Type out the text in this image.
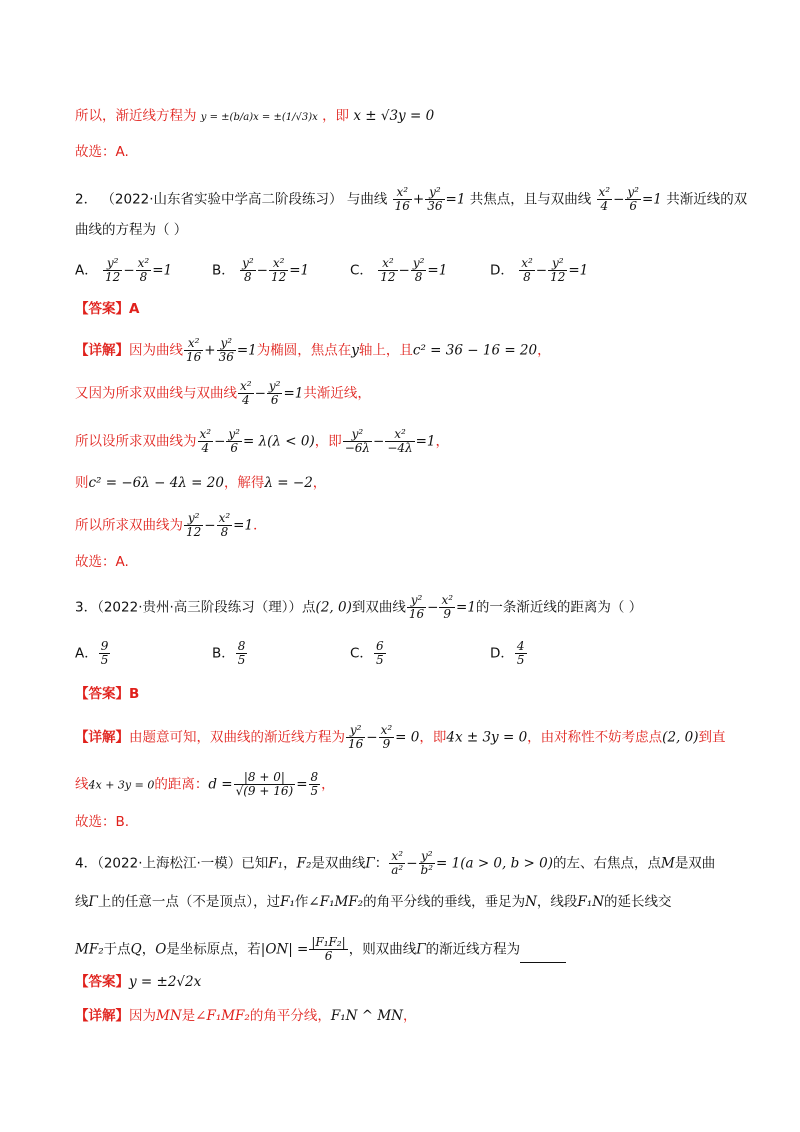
所以，渐近线方程为 y = ±(b/a)x = ±(1/√3)x ，即 x ± √3y = 0
故选：A.
2． （2022·山东省实验中学高二阶段练习） 与曲线 $\frac{\text{x²}}{16} + \frac{\text{y²}}{36} =1$ 共焦点，且与双曲线 $\frac{\text{x²}}{4} - \frac{\text{y²}}{6} =1$ 共渐近线的双
曲线的方程为（ ）
A． $\frac{\text{y²}}{12} - \frac{\text{x²}}{8} =1$	B． $\frac{\text{y²}}{8} - \frac{\text{x²}}{12} =1$	C． $\frac{\text{x²}}{12} - \frac{\text{y²}}{8} =1$	D． $\frac{\text{x²}}{8} - \frac{\text{y²}}{12} =1$
【答案】A
【详解】因为曲线 $\frac{\text{x²}}{16} + \frac{\text{y²}}{36} =1$为椭圆，焦点在y轴上，且c² = 36 − 16 = 20，
又因为所求双曲线与双曲线 $\frac{\text{x²}}{4} - \frac{\text{y²}}{6} =1$共渐近线，
所以设所求双曲线为 $\frac{\text{x²}}{4} - \frac{\text{y²}}{6} = \lambda(\lambda < 0)$，即 $\frac{\text{y²}}{-6\lambda} - \frac{\text{x²}}{-4\lambda} =1$，
则c² = −6λ − 4λ = 20，解得λ = −2，
所以所求双曲线为 $\frac{\text{y²}}{12} - \frac{\text{x²}}{8} =1$．
故选：A.
3．（2022·贵州·高三阶段练习（理））点(2, 0)到双曲线 $\frac{\text{y²}}{16} - \frac{\text{x²}}{9} =1$的一条渐近线的距离为（ ）
A． $\frac{9}{5}$	B． $\frac{8}{5}$	C． $\frac{6}{5}$	D． $\frac{4}{5}$
【答案】B
【详解】由题意可知，双曲线的渐近线方程为 $\frac{\text{y²}}{16} - \frac{\text{x²}}{9} = 0$，即4x ± 3y = 0，由对称性不妨考虑点(2, 0)到直
线4x + 3y = 0的距离：$d = \frac{|8 + 0|}{√(9 + 16)} = \frac{8}{5}$ ，
故选：B.
4．（2022·上海松江·一模）已知F₁，F₂是双曲线Γ： $\frac{\text{x²}}{\text{a²}} - \frac{\text{y²}}{\text{b²}} = 1(a > 0$, b > 0)的左、右焦点，点M是双曲
线Γ上的任意一点（不是顶点），过F₁作∠F₁MF₂的角平分线的垂线，垂足为N，线段F₁N的延长线交
MF₂于点Q，O是坐标原点，若$|ON| = \frac{\text{|F₁F₂|}}{6}$ ，则双曲线Γ的渐近线方程为
【答案】y = ±2√2x
【详解】因为MN是∠F₁MF₂的角平分线，F₁N ^ MN，
